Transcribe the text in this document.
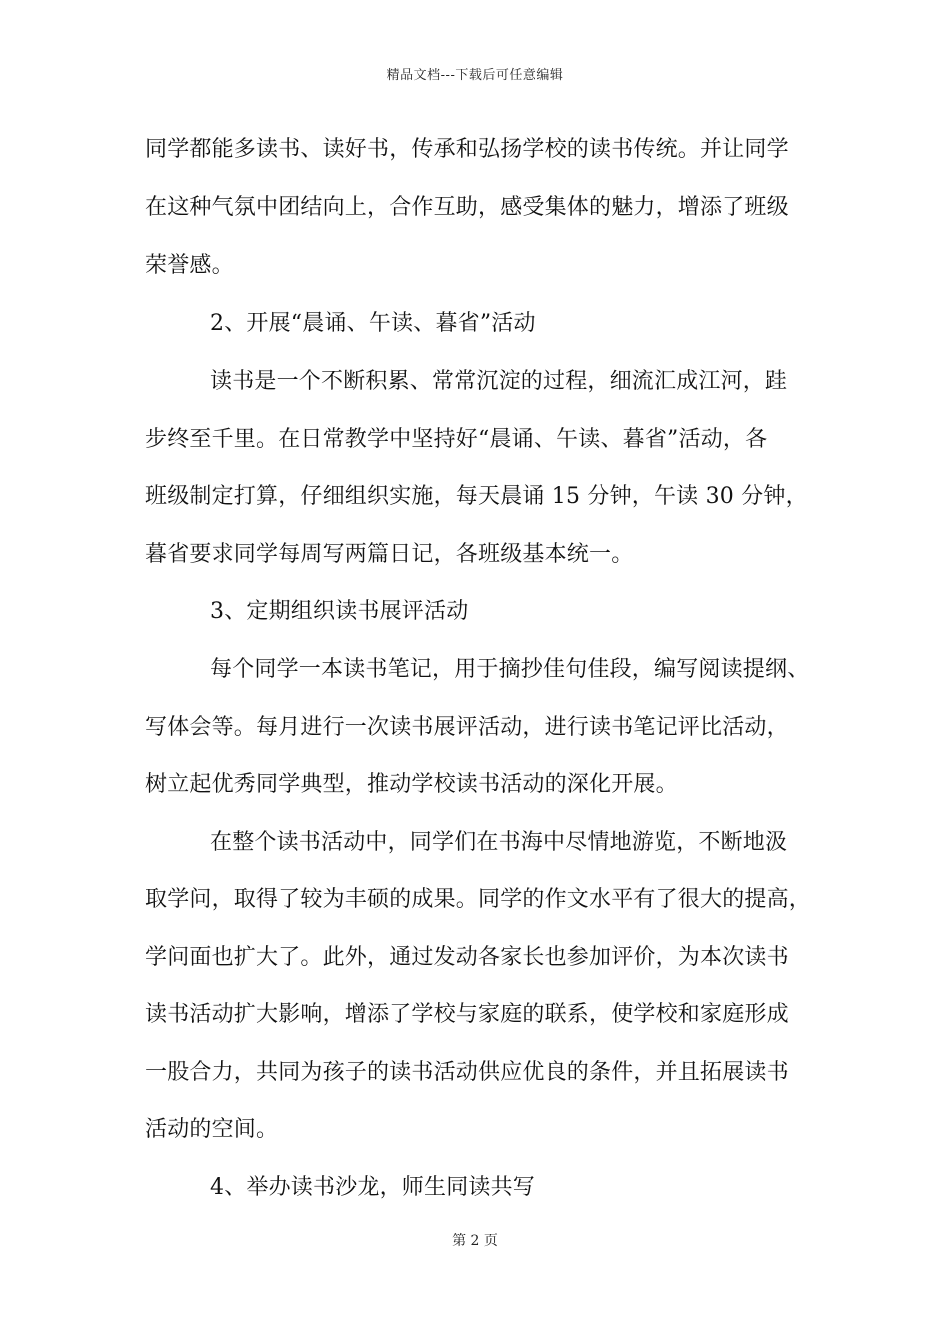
精品文档---下载后可任意编辑
同学都能多读书、读好书，传承和弘扬学校的读书传统。并让同学
在这种气氛中团结向上，合作互助，感受集体的魅力，增添了班级
荣誉感。
2、开展“晨诵、午读、暮省”活动
读书是一个不断积累、常常沉淀的过程，细流汇成江河，跬
步终至千里。在日常教学中坚持好“晨诵、午读、暮省”活动，各
班级制定打算，仔细组织实施，每天晨诵 15 分钟，午读 30 分钟，
暮省要求同学每周写两篇日记，各班级基本统一。
3、定期组织读书展评活动
每个同学一本读书笔记，用于摘抄佳句佳段，编写阅读提纲、
写体会等。每月进行一次读书展评活动，进行读书笔记评比活动，
树立起优秀同学典型，推动学校读书活动的深化开展。
在整个读书活动中，同学们在书海中尽情地游览，不断地汲
取学问，取得了较为丰硕的成果。同学的作文水平有了很大的提高，
学问面也扩大了。此外，通过发动各家长也参加评价，为本次读书
读书活动扩大影响，增添了学校与家庭的联系，使学校和家庭形成
一股合力，共同为孩子的读书活动供应优良的条件，并且拓展读书
活动的空间。
4、举办读书沙龙，师生同读共写
第 2 页
